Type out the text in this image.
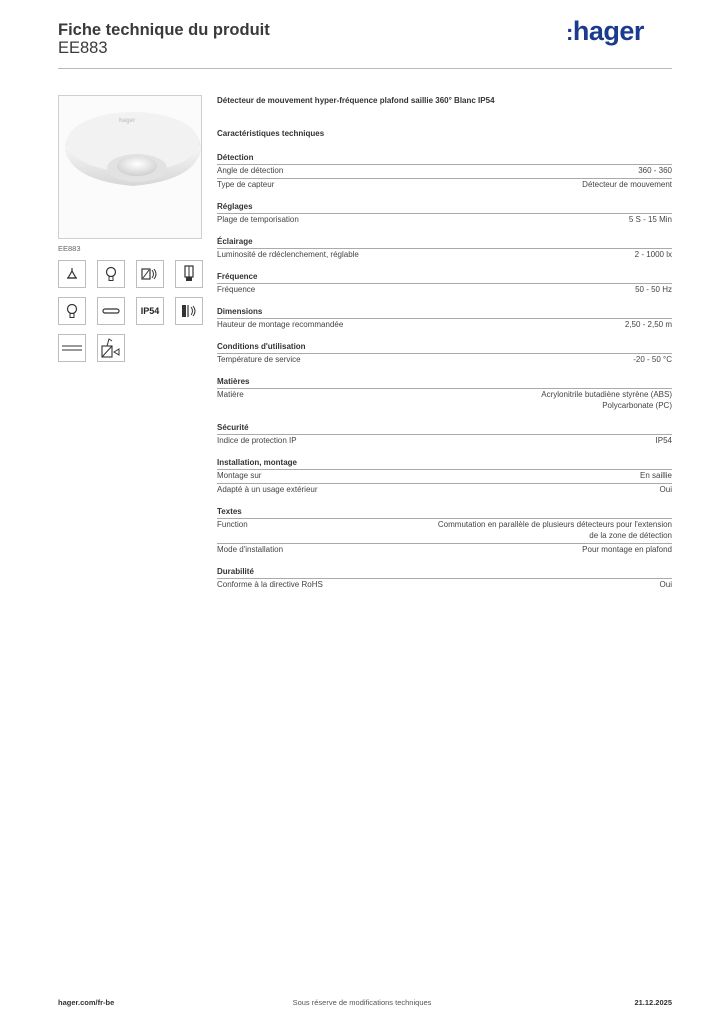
Fiche technique du produit
EE883
:hager
hager
EE883
IP54
Détecteur de mouvement hyper-fréquence plafond saillie 360° Blanc IP54
Caractéristiques techniques
Détection
Angle de détection	360 - 360
Type de capteur	Détecteur de mouvement
Réglages
Plage de temporisation	5 S - 15 Min
Éclairage
Luminosité de rdéclenchement, réglable	2 - 1000 lx
Fréquence
Fréquence	50 - 50 Hz
Dimensions
Hauteur de montage recommandée	2,50 - 2,50 m
Conditions d'utilisation
Température de service	-20 - 50 °C
Matières
Matière	Acrylonitrile butadiène styrène (ABS)
Polycarbonate (PC)
Sécurité
Indice de protection IP	IP54
Installation, montage
Montage sur	En saillie
Adapté à un usage extérieur	Oui
Textes
Function	Commutation en parallèle de plusieurs détecteurs pour l'extension
de la zone de détection
Mode d'installation	Pour montage en plafond
Durabilité
Conforme à la directive RoHS	Oui
Sous réserve de modifications techniques
hager.com/fr-be	21.12.2025
